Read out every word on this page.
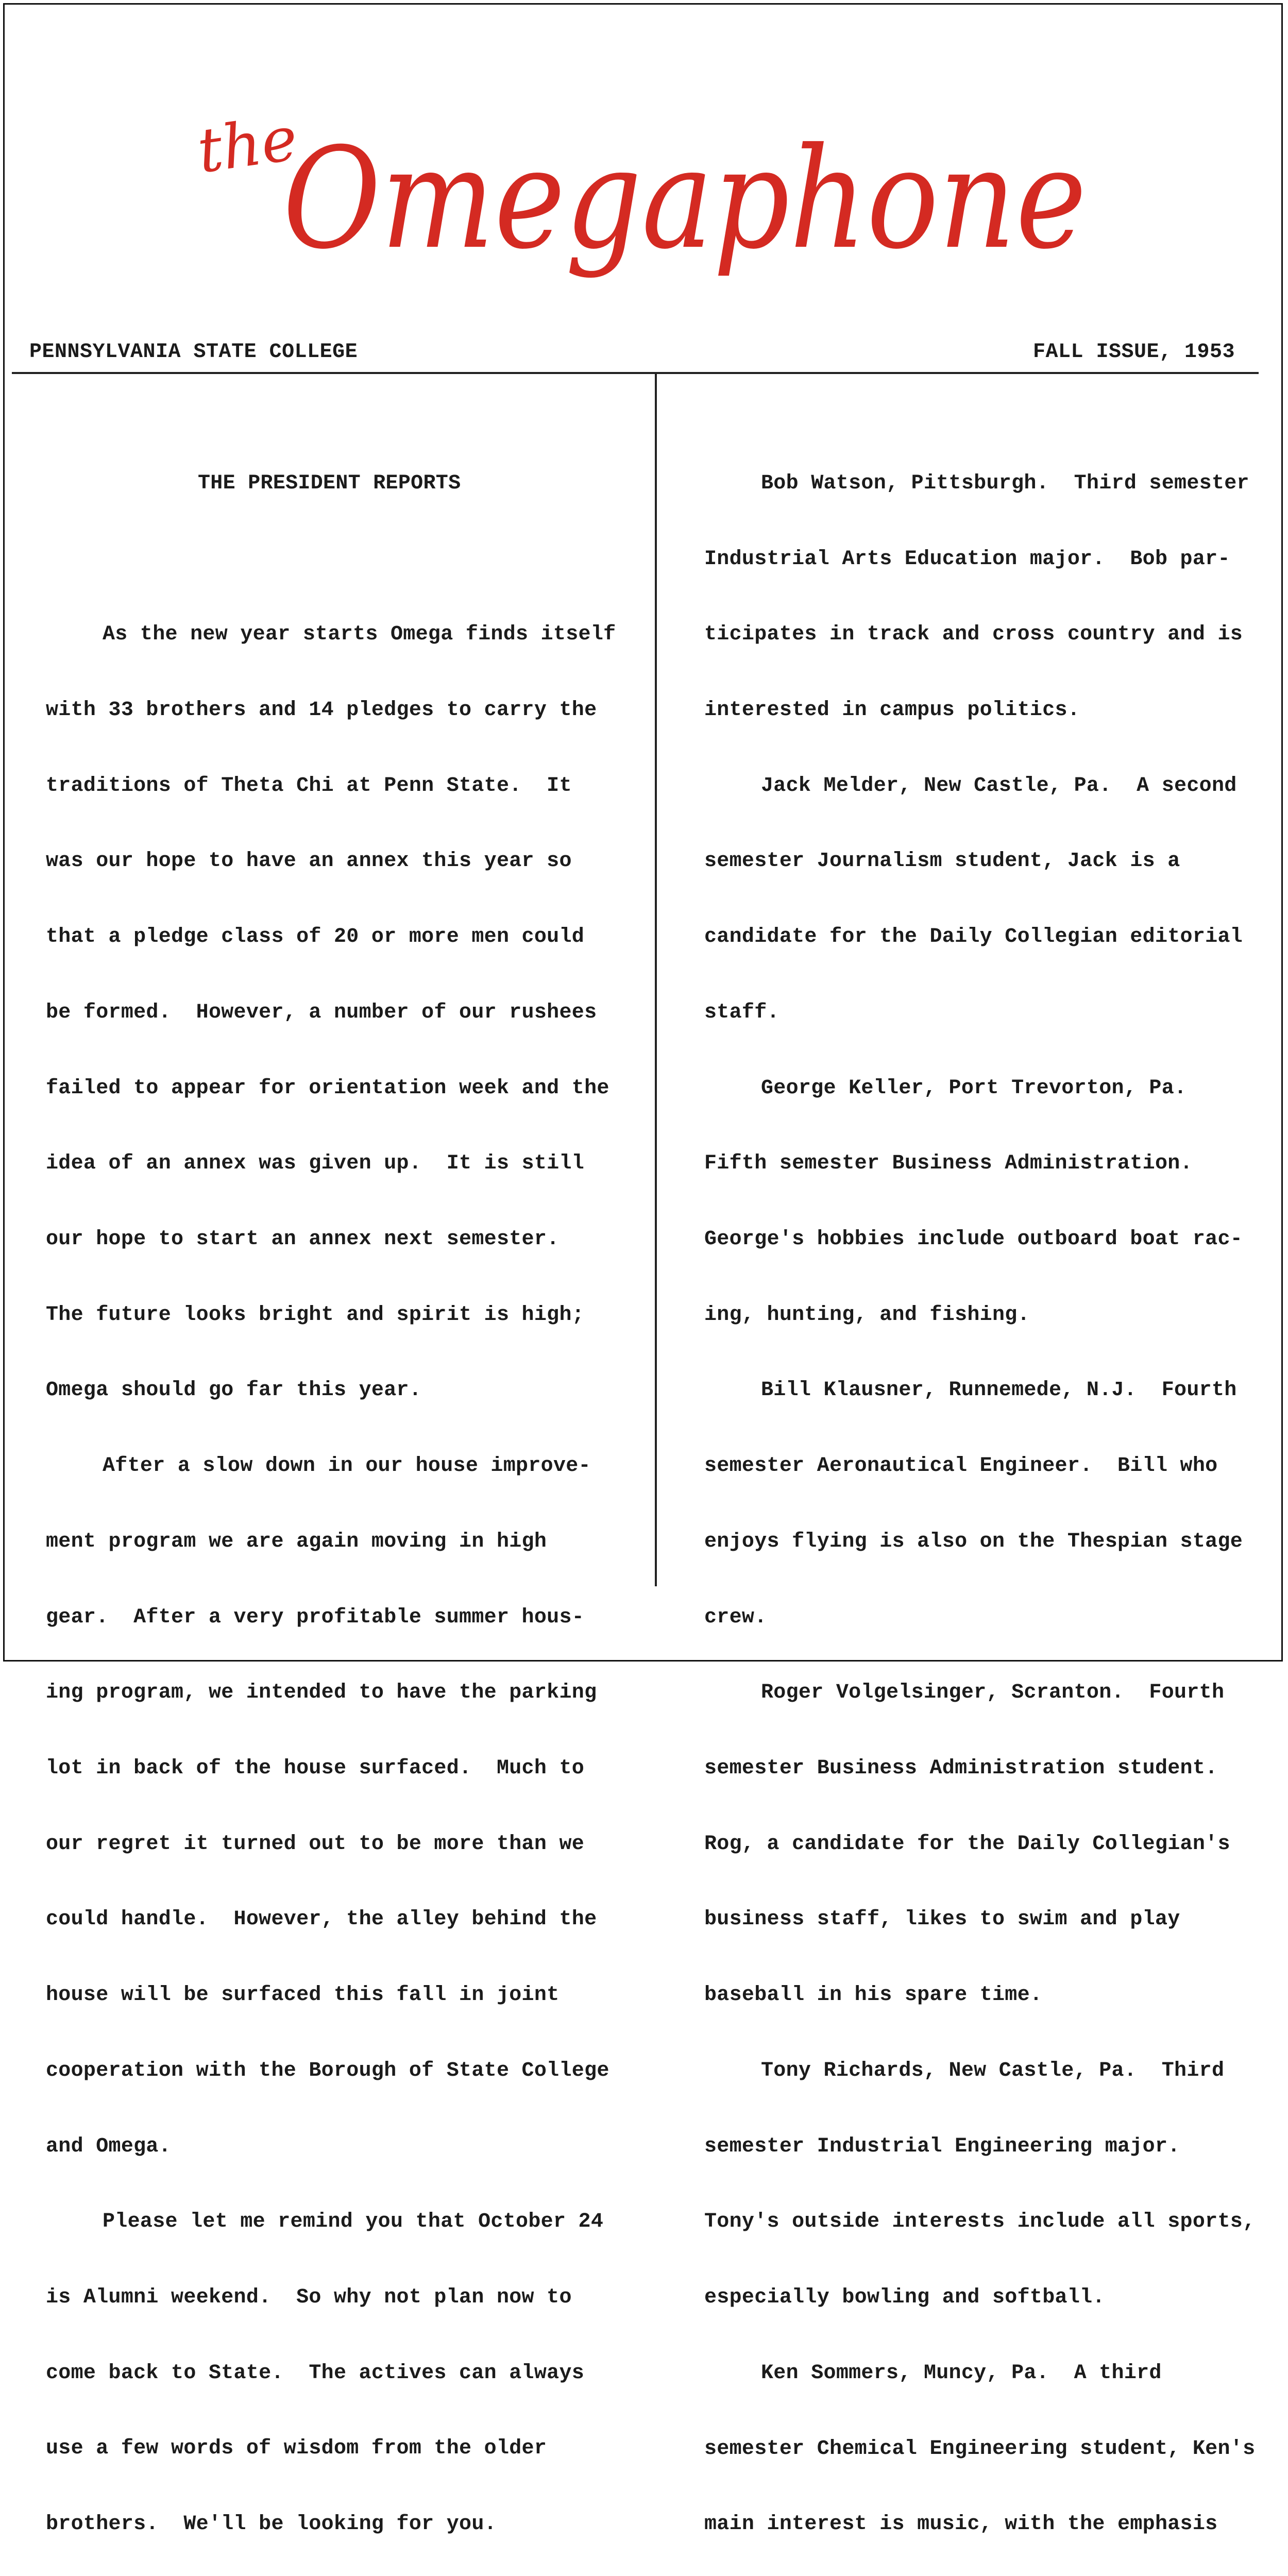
the
Omegaphone
PENNSYLVANIA STATE COLLEGE	FALL ISSUE, 1953

THE PRESIDENT REPORTS

As the new year starts Omega finds itself

with 33 brothers and 14 pledges to carry the

traditions of Theta Chi at Penn State.  It

was our hope to have an annex this year so

that a pledge class of 20 or more men could

be formed.  However, a number of our rushees

failed to appear for orientation week and the

idea of an annex was given up.  It is still

our hope to start an annex next semester.

The future looks bright and spirit is high;

Omega should go far this year.

After a slow down in our house improve-

ment program we are again moving in high

gear.  After a very profitable summer hous-

ing program, we intended to have the parking

lot in back of the house surfaced.  Much to

our regret it turned out to be more than we

could handle.  However, the alley behind the

house will be surfaced this fall in joint

cooperation with the Borough of State College

and Omega.

Please let me remind you that October 24

is Alumni weekend.  So why not plan now to

come back to State.  The actives can always

use a few words of wisdom from the older

brothers.  We'll be looking for you.

Bob Watson, Pittsburgh.  Third semester

Industrial Arts Education major.  Bob par-

ticipates in track and cross country and is

interested in campus politics.

Jack Melder, New Castle, Pa.  A second

semester Journalism student, Jack is a

candidate for the Daily Collegian editorial

staff.

George Keller, Port Trevorton, Pa.

Fifth semester Business Administration.

George's hobbies include outboard boat rac-

ing, hunting, and fishing.

Bill Klausner, Runnemede, N.J.  Fourth

semester Aeronautical Engineer.  Bill who

enjoys flying is also on the Thespian stage

crew.

Roger Volgelsinger, Scranton.  Fourth

semester Business Administration student.

Rog, a candidate for the Daily Collegian's

business staff, likes to swim and play

baseball in his spare time.

Tony Richards, New Castle, Pa.  Third

semester Industrial Engineering major.

Tony's outside interests include all sports,

especially bowling and softball.

Ken Sommers, Muncy, Pa.  A third

semester Chemical Engineering student, Ken's

main interest is music, with the emphasis
